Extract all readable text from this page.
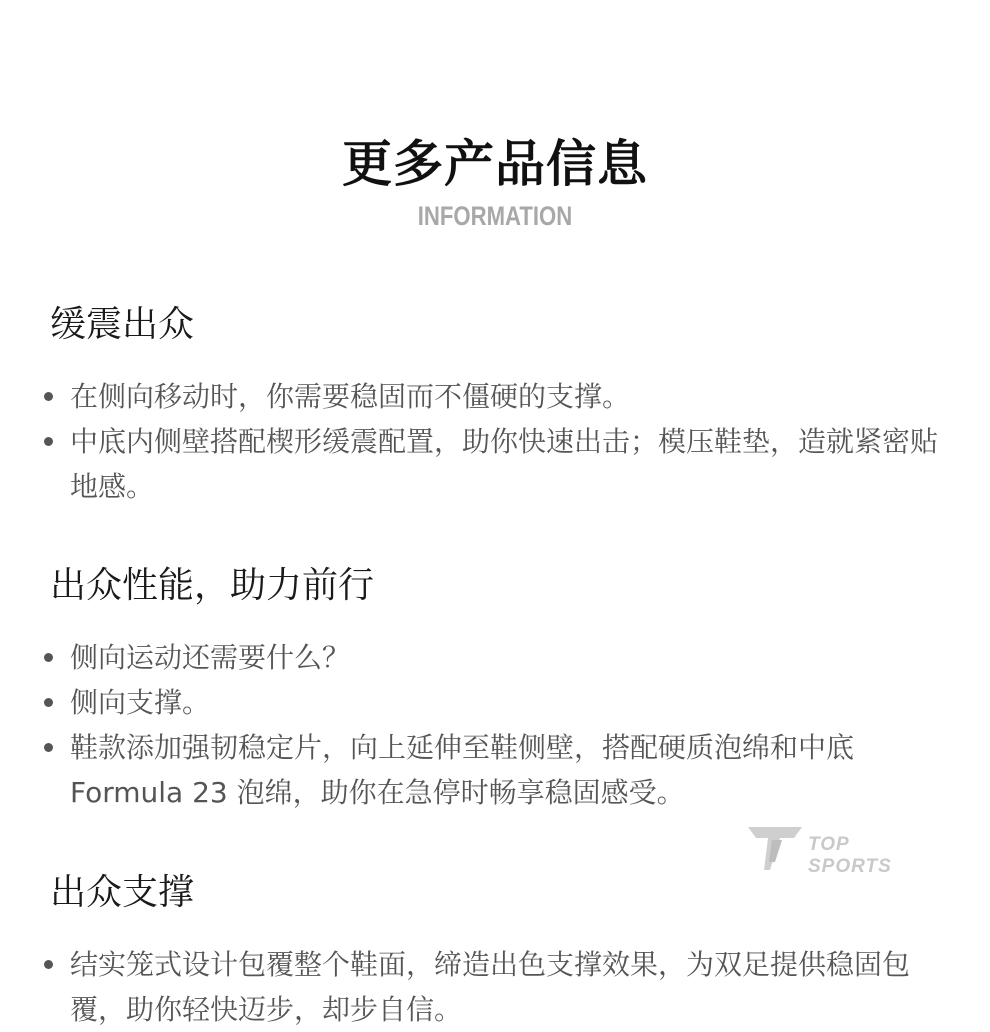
更多产品信息
INFORMATION
缓震出众
在侧向移动时，你需要稳固而不僵硬的支撑。
中底内侧壁搭配楔形缓震配置，助你快速出击；模压鞋垫，造就紧密贴地感。
出众性能，助力前行
侧向运动还需要什么？
侧向支撑。
鞋款添加强韧稳定片，向上延伸至鞋侧壁，搭配硬质泡绵和中底 Formula 23 泡绵，助你在急停时畅享稳固感受。
出众支撑
结实笼式设计包覆整个鞋面，缔造出色支撑效果，为双足提供稳固包覆，助你轻快迈步，却步自信。
TOP SPORTS
